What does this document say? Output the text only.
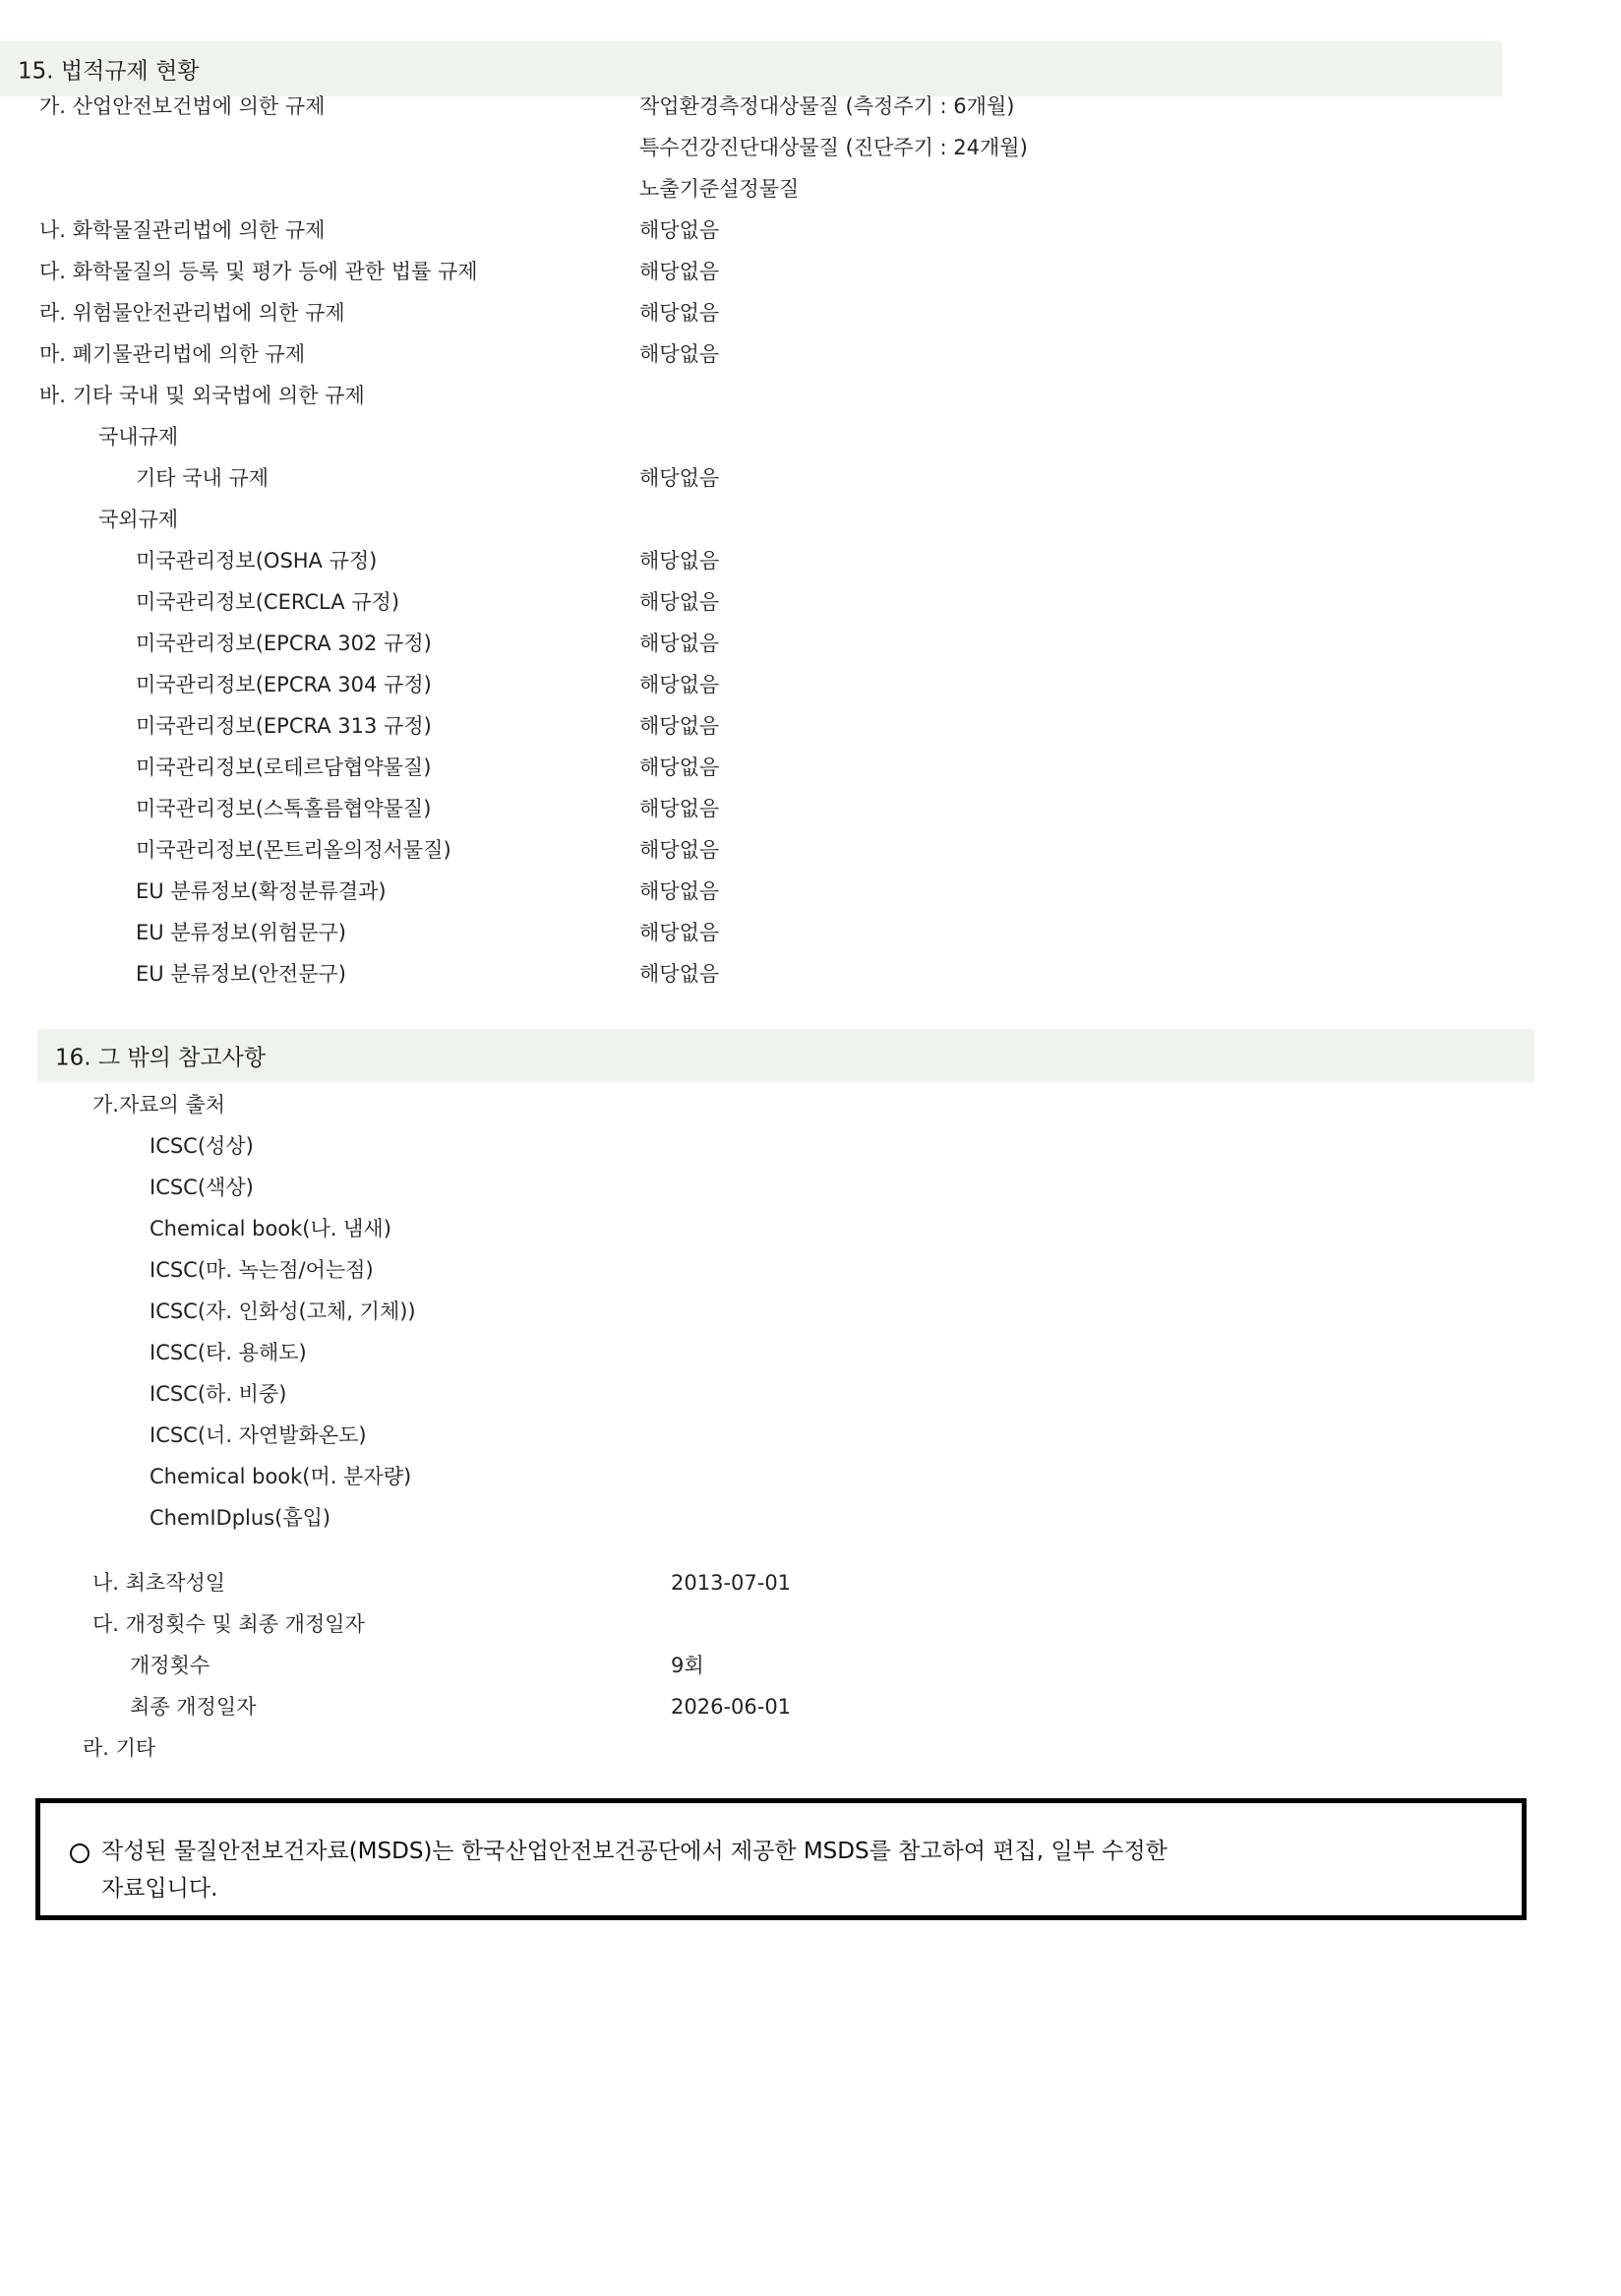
15. 법적규제 현황
가. 산업안전보건법에 의한 규제	작업환경측정대상물질 (측정주기 : 6개월)
특수건강진단대상물질 (진단주기 : 24개월)
노출기준설정물질
나. 화학물질관리법에 의한 규제	해당없음
다. 화학물질의 등록 및 평가 등에 관한 법률 규제	해당없음
라. 위험물안전관리법에 의한 규제	해당없음
마. 폐기물관리법에 의한 규제	해당없음
바. 기타 국내 및 외국법에 의한 규제
국내규제
기타 국내 규제	해당없음
국외규제
미국관리정보(OSHA 규정)	해당없음
미국관리정보(CERCLA 규정)	해당없음
미국관리정보(EPCRA 302 규정)	해당없음
미국관리정보(EPCRA 304 규정)	해당없음
미국관리정보(EPCRA 313 규정)	해당없음
미국관리정보(로테르담협약물질)	해당없음
미국관리정보(스톡홀름협약물질)	해당없음
미국관리정보(몬트리올의정서물질)	해당없음
EU 분류정보(확정분류결과)	해당없음
EU 분류정보(위험문구)	해당없음
EU 분류정보(안전문구)	해당없음
16. 그 밖의 참고사항
가.자료의 출처
ICSC(성상)
ICSC(색상)
Chemical book(나. 냄새)
ICSC(마. 녹는점/어는점)
ICSC(자. 인화성(고체, 기체))
ICSC(타. 용해도)
ICSC(하. 비중)
ICSC(너. 자연발화온도)
Chemical book(머. 분자량)
ChemIDplus(흡입)
나. 최초작성일	2013-07-01
다. 개정횟수 및 최종 개정일자
개정횟수	9회
최종 개정일자	2026-06-01
라. 기타
작성된 물질안전보건자료(MSDS)는 한국산업안전보건공단에서 제공한 MSDS를 참고하여 편집, 일부 수정한
자료입니다.
